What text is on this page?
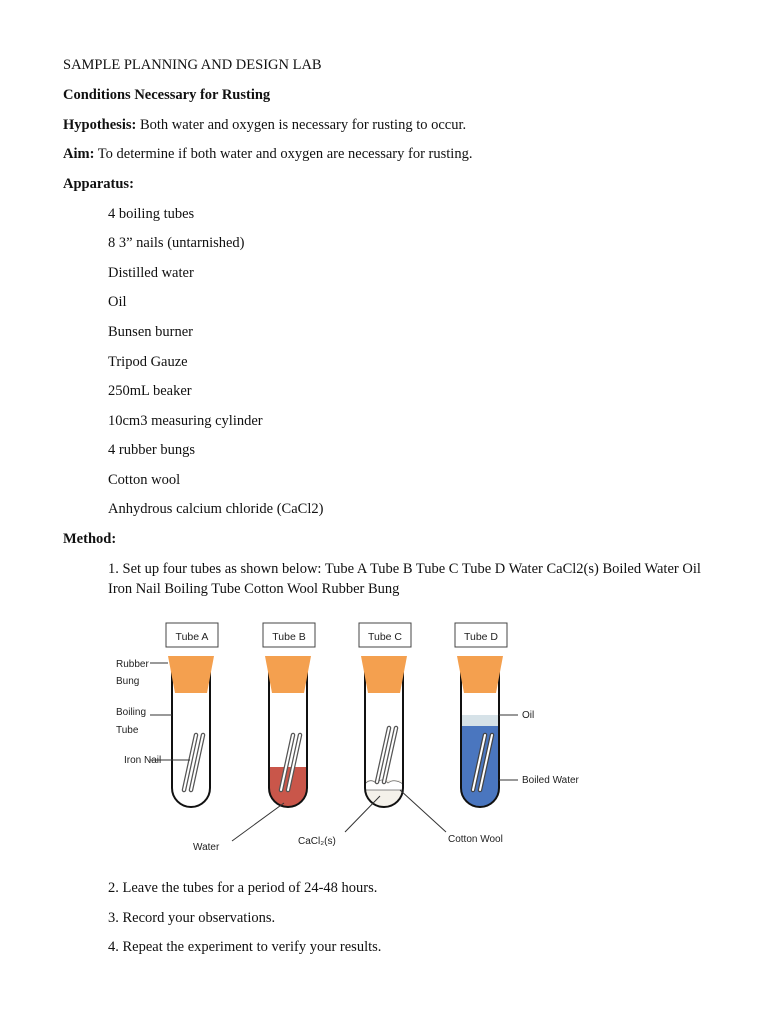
SAMPLE PLANNING AND DESIGN LAB
Conditions Necessary for Rusting
Hypothesis: Both water and oxygen is necessary for rusting to occur.
Aim: To determine if both water and oxygen are necessary for rusting.
Apparatus:
4 boiling tubes
8 3” nails (untarnished)
Distilled water
Oil
Bunsen burner
Tripod Gauze
250mL beaker
10cm3 measuring cylinder
4 rubber bungs
Cotton wool
Anhydrous calcium chloride (CaCl2)
Method:
1. Set up four tubes as shown below: Tube A Tube B Tube C Tube D Water CaCl2(s) Boiled Water Oil Iron Nail Boiling Tube Cotton Wool Rubber Bung
Tube A	Tube B	Tube C	Tube D
Rubber
Bung
Boiling
Tube
Iron Nail
Oil
Boiled Water
Water
CaCl₂(s)	Cotton Wool
2. Leave the tubes for a period of 24-48 hours.
3. Record your observations.
4. Repeat the experiment to verify your results.
